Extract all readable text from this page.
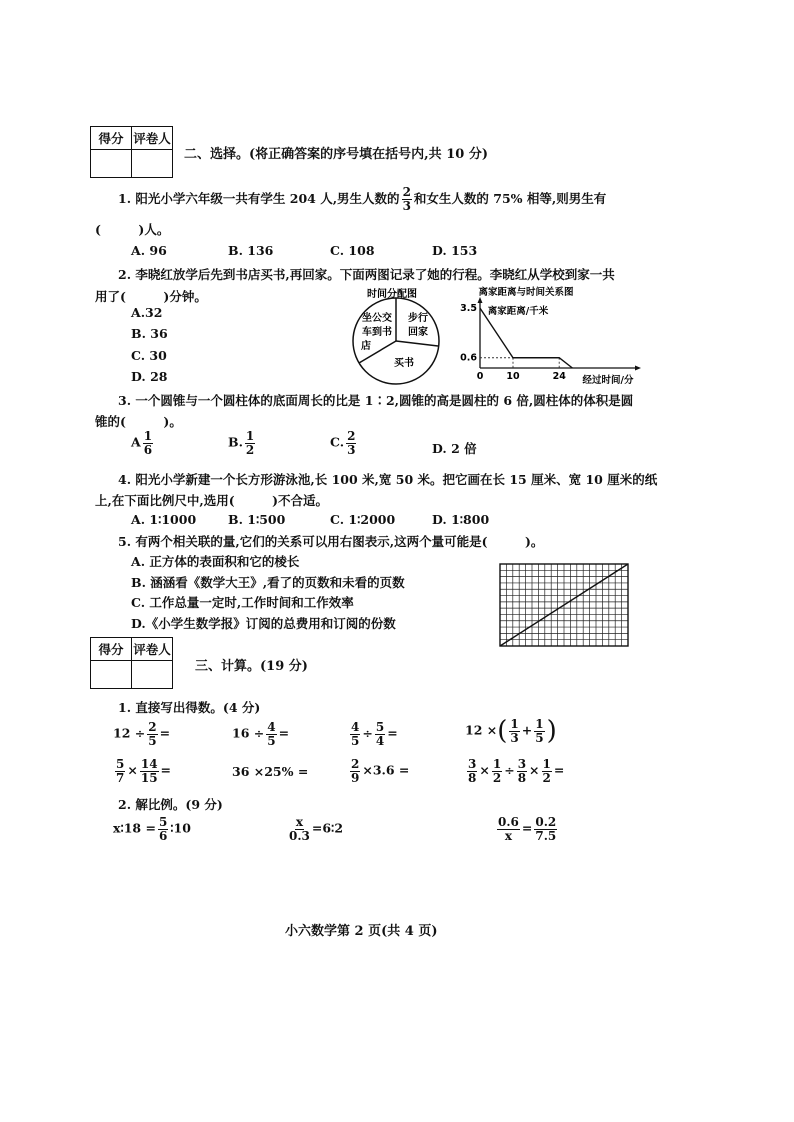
得分	评卷人

二、选择。(将正确答案的序号填在括号内,共 10 分)
1. 阳光小学六年级一共有学生 204 人,男生人数的 $\frac{2}{3}$ 和女生人数的 75% 相等,则男生有
(　　　)人。
A. 96	B. 136	C. 108	D. 153
2. 李晓红放学后先到书店买书,再回家。下面两图记录了她的行程。李晓红从学校到家一共
用了(　　　)分钟。
A.32
B. 36
C. 30
D. 28
时间分配图
坐公交
车到书
店
步行
回家
买书
离家距离与时间关系图
离家距离/千米
经过时间/分
0 10	24
3.5
0.6
3. 一个圆锥与一个圆柱体的底面周长的比是 1∶2,圆锥的高是圆柱的 6 倍,圆柱体的体积是圆
锥的(　　　)。
A $\frac{1}{6}$	B. $\frac{1}{2}$	C. $\frac{2}{3}$	D. 2 倍
4. 阳光小学新建一个长方形游泳池,长 100 米,宽 50 米。把它画在长 15 厘米、宽 10 厘米的纸
上,在下面比例尺中,选用(　　　)不合适。
A. 1∶1000	B. 1∶500	C. 1∶2000	D. 1∶800
5. 有两个相关联的量,它们的关系可以用右图表示,这两个量可能是(　　　)。
A. 正方体的表面积和它的棱长
B. 涵涵看《数学大王》,看了的页数和未看的页数
C. 工作总量一定时,工作时间和工作效率
D.《小学生数学报》订阅的总费用和订阅的份数
得分	评卷人

三、计算。(19 分)
1. 直接写出得数。(4 分)
$12 \div \frac{2}{5}$ =	$16 \div \frac{4}{5}$ =	$\frac{4}{5} \div \frac{5}{4}$ =	12 ×( $\frac{1}{3} + \frac{1}{5}$ )
$\frac{5}{7} \times \frac{14}{15}$ =	36 ×25% =	$\frac{2}{9} \times 3.6$ =	$\frac{3}{8} \times \frac{1}{2} \div \frac{3}{8} \times \frac{1}{2}$ =
2. 解比例。(9 分)
x∶18 = $\frac{5}{6}$ ∶10	$\frac{x}{0.3}$ =6∶2	$\frac{0.6}{x} = \frac{0.2}{7.5}$
小六数学第 2 页(共 4 页)
